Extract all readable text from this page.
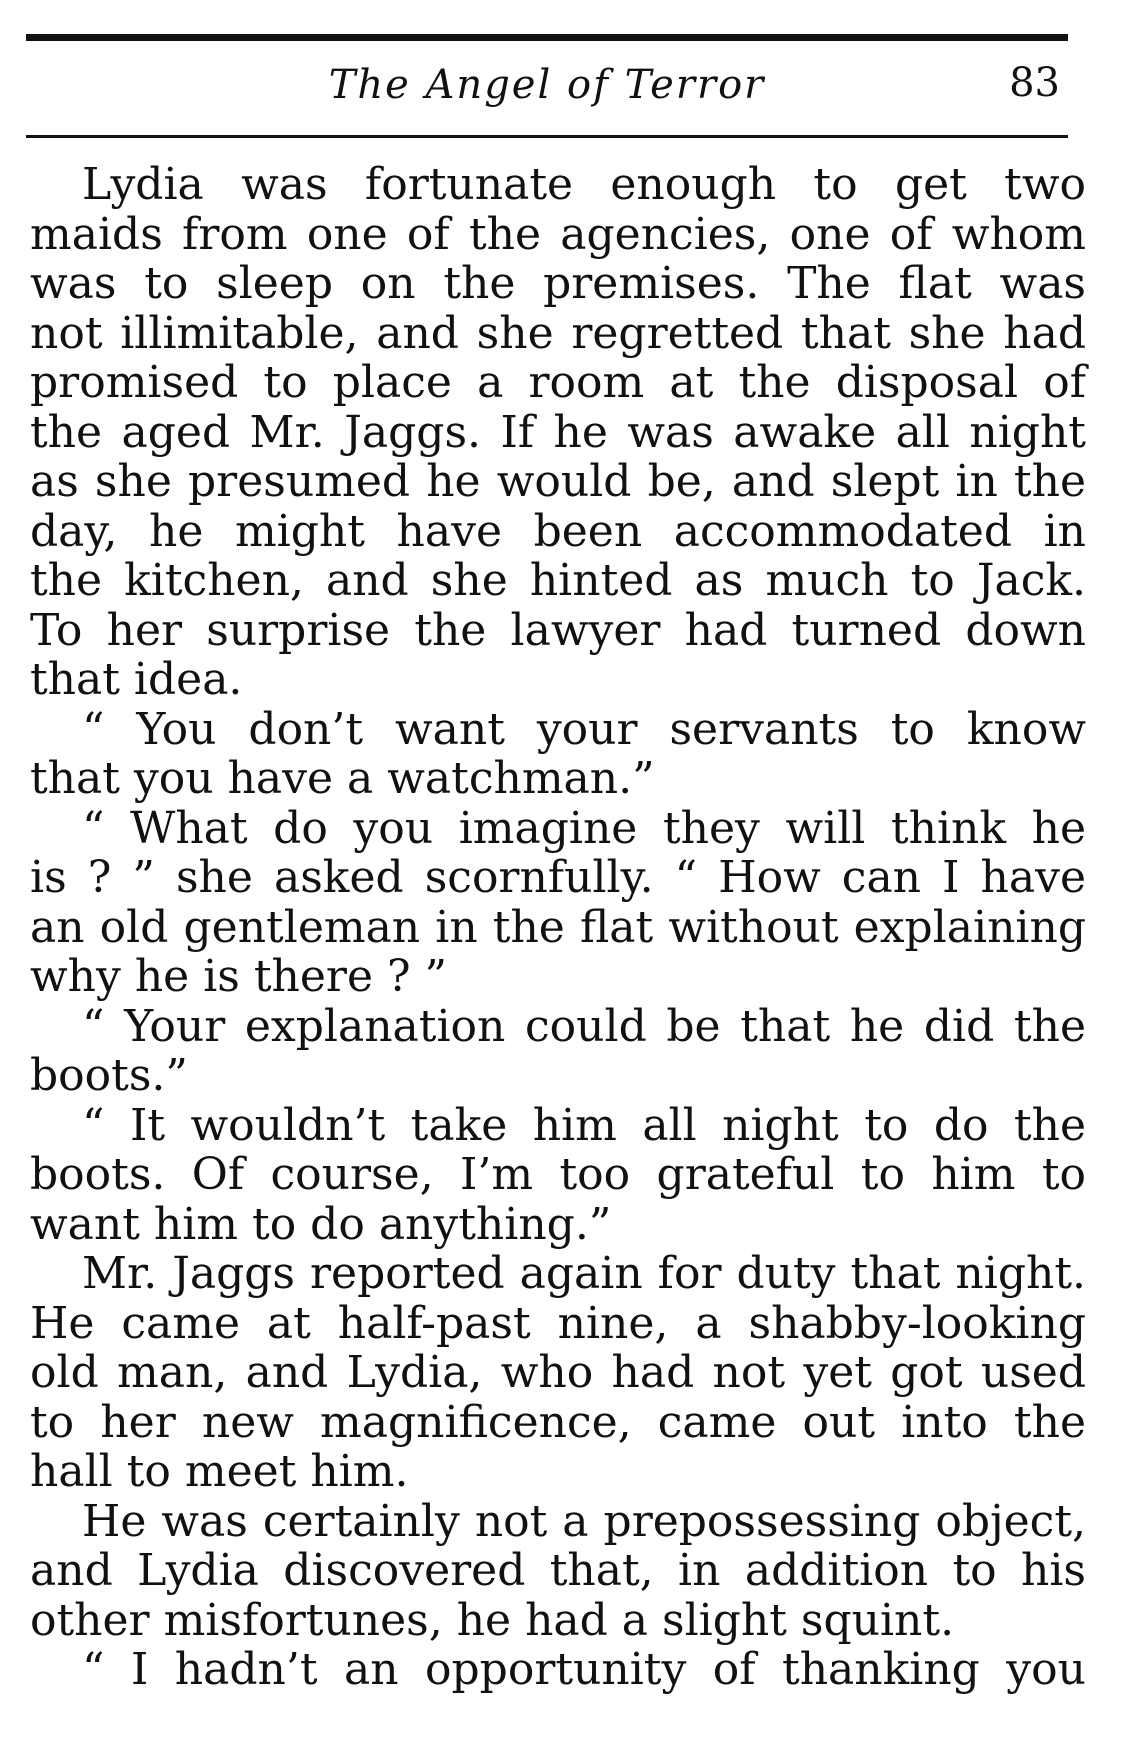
The Angel of Terror	83
Lydia was fortunate enough to get two
maids from one of the agencies, one of whom
was to sleep on the premises. The flat was
not illimitable, and she regretted that she had
promised to place a room at the disposal of
the aged Mr. Jaggs. If he was awake all night
as she presumed he would be, and slept in the
day, he might have been accommodated in
the kitchen, and she hinted as much to Jack.
To her surprise the lawyer had turned down
that idea.
“ You don’t want your servants to know
that you have a watchman.”
“ What do you imagine they will think he
is ? ” she asked scornfully. “ How can I have
an old gentleman in the flat without explaining
why he is there ? ”
“ Your explanation could be that he did the
boots.”
“ It wouldn’t take him all night to do the
boots. Of course, I’m too grateful to him to
want him to do anything.”
Mr. Jaggs reported again for duty that night.
He came at half-past nine, a shabby-looking
old man, and Lydia, who had not yet got used
to her new magnificence, came out into the
hall to meet him.
He was certainly not a prepossessing object,
and Lydia discovered that, in addition to his
other misfortunes, he had a slight squint.
“ I hadn’t an opportunity of thanking you
